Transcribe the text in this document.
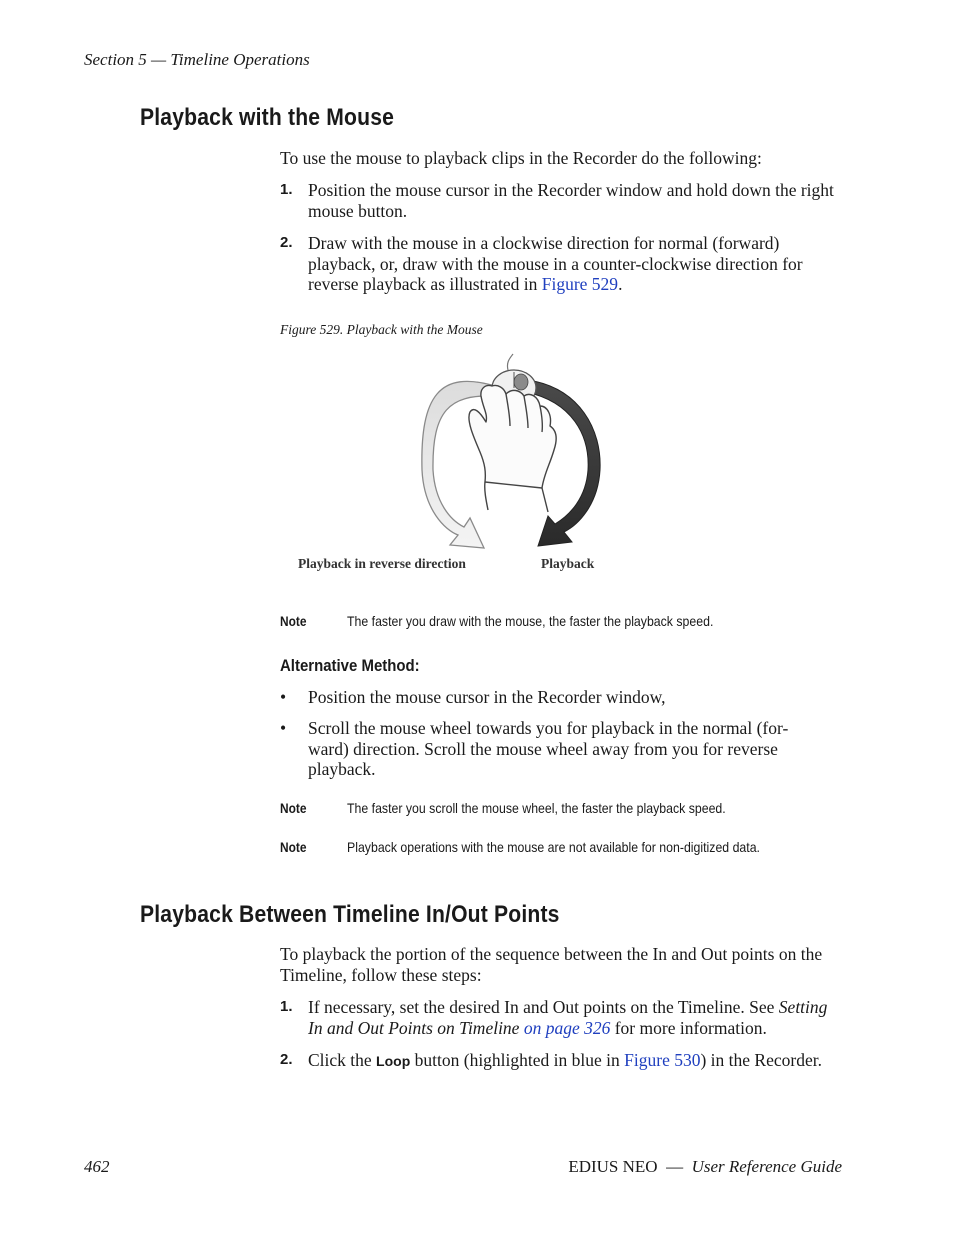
Section 5 — Timeline Operations
Playback with the Mouse
To use the mouse to playback clips in the Recorder do the following:
1. Position the mouse cursor in the Recorder window and hold down the right mouse button.
2. Draw with the mouse in a clockwise direction for normal (forward) playback, or, draw with the mouse in a counter-clockwise direction for reverse playback as illustrated in Figure 529.
Figure 529. Playback with the Mouse
Playback in reverse direction	Playback
Note	The faster you draw with the mouse, the faster the playback speed.
Alternative Method:
• Position the mouse cursor in the Recorder window,
• Scroll the mouse wheel towards you for playback in the normal (for-ward) direction. Scroll the mouse wheel away from you for reverse playback.
Note	The faster you scroll the mouse wheel, the faster the playback speed.
Note	Playback operations with the mouse are not available for non-digitized data.
Playback Between Timeline In/Out Points
To playback the portion of the sequence between the In and Out points on the Timeline, follow these steps:
1. If necessary, set the desired In and Out points on the Timeline. See Setting In and Out Points on Timeline on page 326 for more information.
2. Click the Loop button (highlighted in blue in Figure 530) in the Recorder.
462	EDIUS NEO — User Reference Guide
